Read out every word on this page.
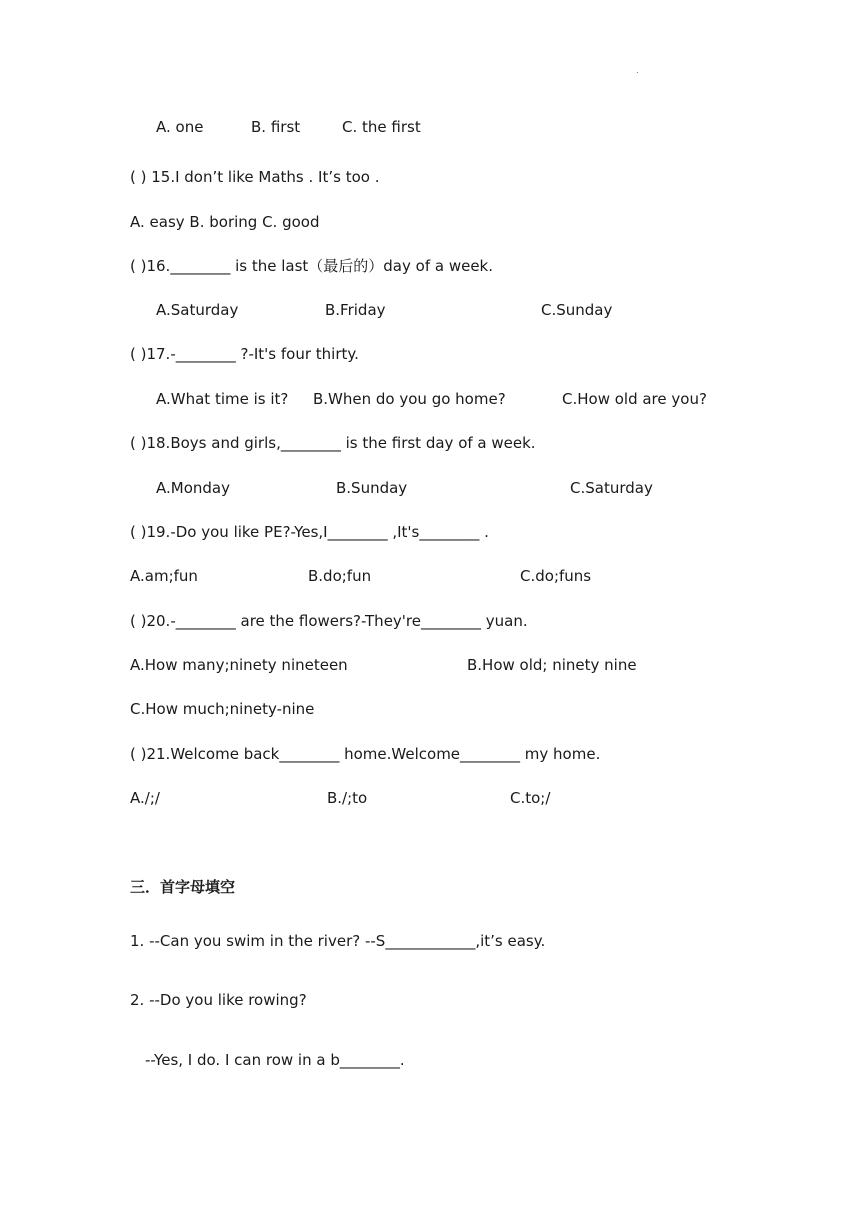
.
A. one	B. first	C. the first
( ) 15.I don’t like Maths . It’s too .
A. easy B. boring C. good
( )16.________ is the last（最后的）day of a week.
A.Saturday	B.Friday	C.Sunday
( )17.-________ ?-It's four thirty.
A.What time is it? B.When do you go home?	C.How old are you?
( )18.Boys and girls,________ is the first day of a week.
A.Monday	B.Sunday	C.Saturday
( )19.-Do you like PE?-Yes,I________ ,It's________ .
A.am;fun	B.do;fun	C.do;funs
( )20.-________ are the flowers?-They're________ yuan.
A.How many;ninety nineteen	B.How old; ninety nine
C.How much;ninety-nine
( )21.Welcome back________ home.Welcome________ my home.
A./;/	B./;to	C.to;/
三．首字母填空
1. --Can you swim in the river? --S____________,it’s easy.
2. --Do you like rowing?
--Yes, I do. I can row in a b________.
